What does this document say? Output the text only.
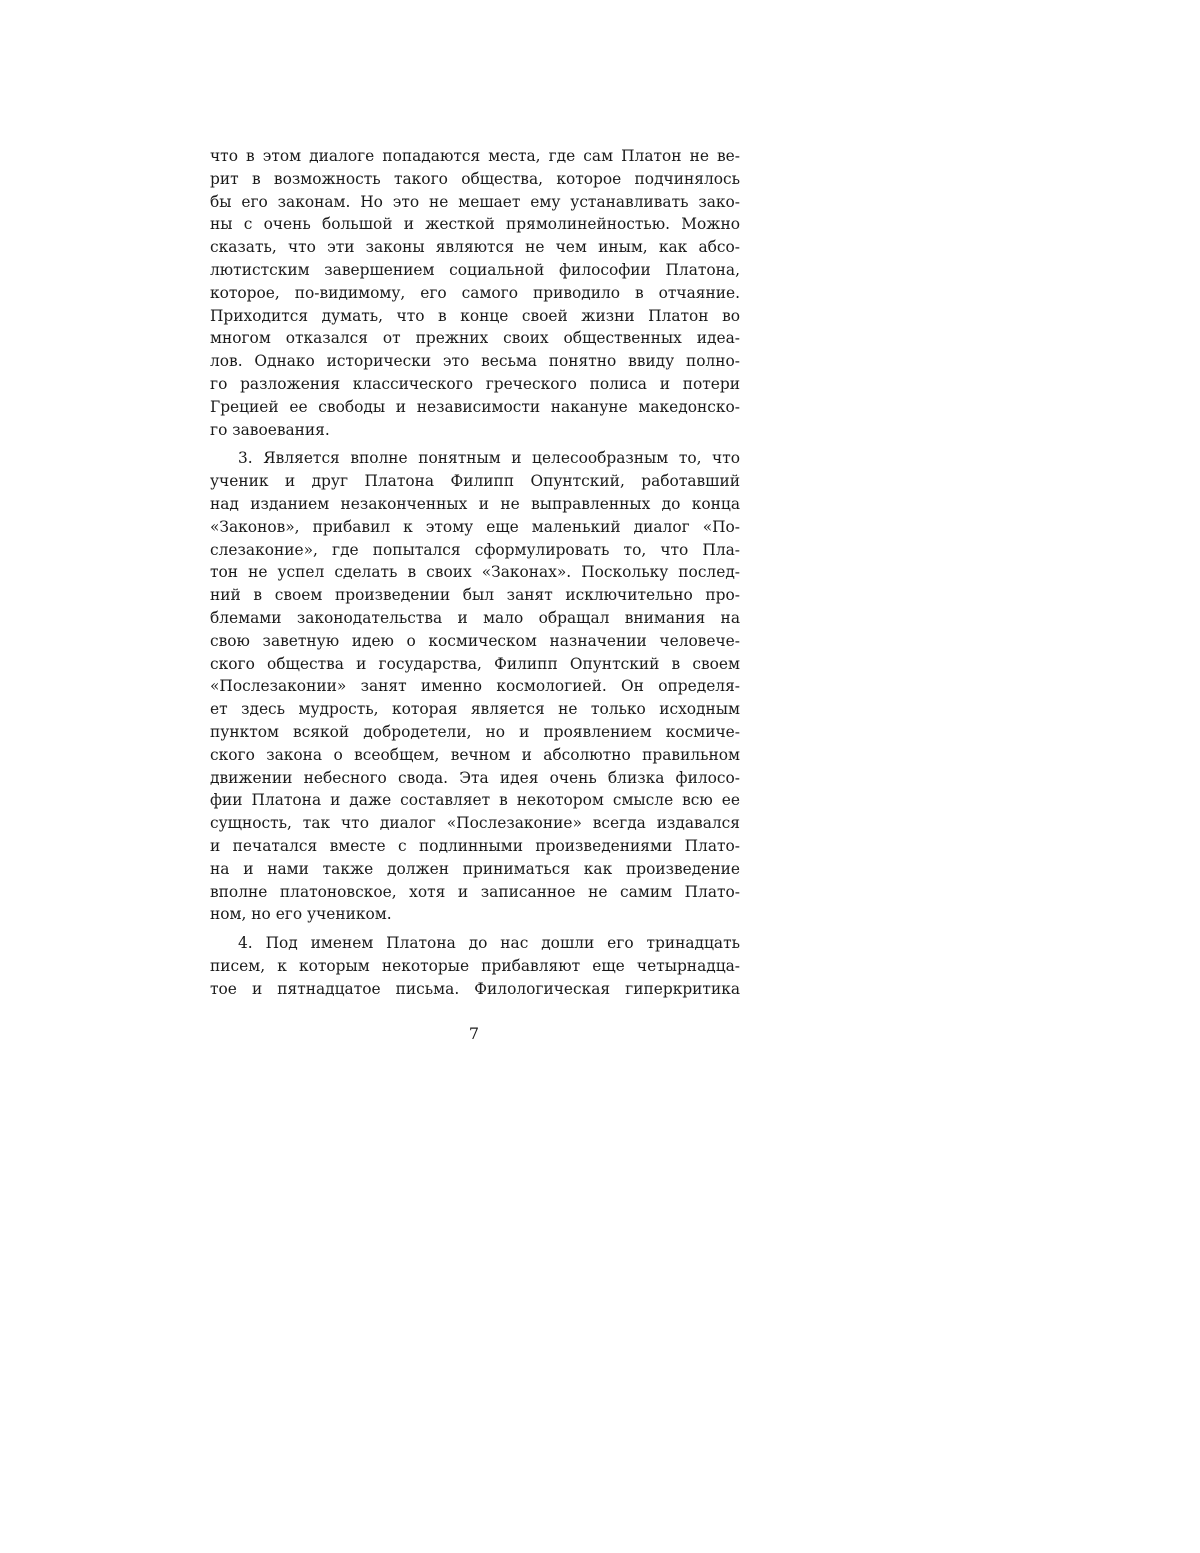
что в этом диалоге попадаются места, где сам Платон не ве-
рит в возможность такого общества, которое подчинялось
бы его законам. Но это не мешает ему устанавливать зако-
ны с очень большой и жесткой прямолинейностью. Можно
сказать, что эти законы являются не чем иным, как абсо-
лютистским завершением социальной философии Платона,
которое, по-видимому, его самого приводило в отчаяние.
Приходится думать, что в конце своей жизни Платон во
многом отказался от прежних своих общественных идеа-
лов. Однако исторически это весьма понятно ввиду полно-
го разложения классического греческого полиса и потери
Грецией ее свободы и независимости накануне македонско-
го завоевания.
3. Является вполне понятным и целесообразным то, что
ученик и друг Платона Филипп Опунтский, работавший
над изданием незаконченных и не выправленных до конца
«Законов», прибавил к этому еще маленький диалог «По-
слезаконие», где попытался сформулировать то, что Пла-
тон не успел сделать в своих «Законах». Поскольку послед-
ний в своем произведении был занят исключительно про-
блемами законодательства и мало обращал внимания на
свою заветную идею о космическом назначении человече-
ского общества и государства, Филипп Опунтский в своем
«Послезаконии» занят именно космологией. Он определя-
ет здесь мудрость, которая является не только исходным
пунктом всякой добродетели, но и проявлением космиче-
ского закона о всеобщем, вечном и абсолютно правильном
движении небесного свода. Эта идея очень близка филосо-
фии Платона и даже составляет в некотором смысле всю ее
сущность, так что диалог «Послезаконие» всегда издавался
и печатался вместе с подлинными произведениями Плато-
на и нами также должен приниматься как произведение
вполне платоновское, хотя и записанное не самим Плато-
ном, но его учеником.
4. Под именем Платона до нас дошли его тринадцать
писем, к которым некоторые прибавляют еще четырнадца-
тое и пятнадцатое письма. Филологическая гиперкритика
7
